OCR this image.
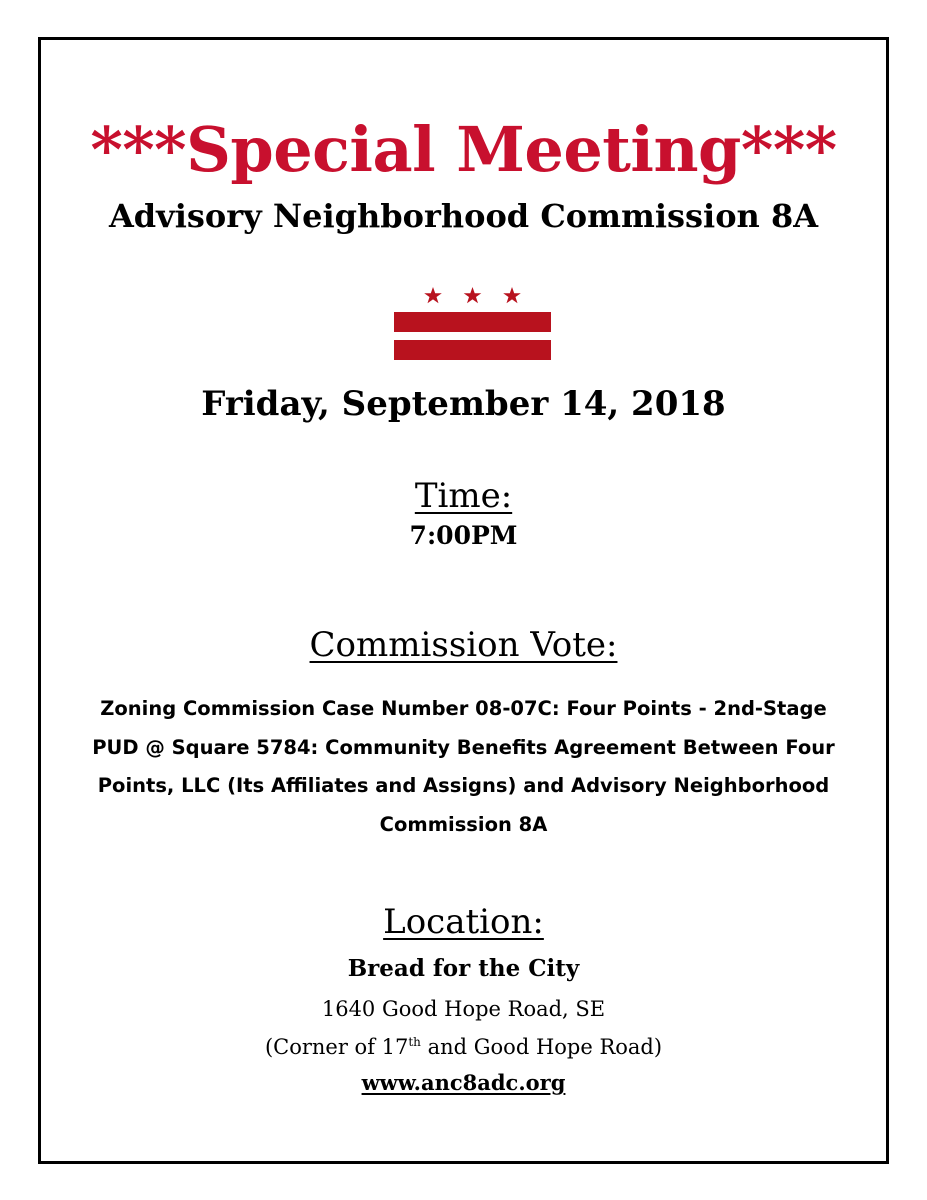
***Special Meeting***
Advisory Neighborhood Commission 8A
Friday, September 14, 2018
Time:
7:00PM
Commission Vote:
Zoning Commission Case Number 08-07C: Four Points - 2nd-Stage
PUD @ Square 5784: Community Benefits Agreement Between Four
Points, LLC (Its Affiliates and Assigns) and Advisory Neighborhood
Commission 8A
Location:
Bread for the City
1640 Good Hope Road, SE
(Corner of 17th and Good Hope Road)
www.anc8adc.org
